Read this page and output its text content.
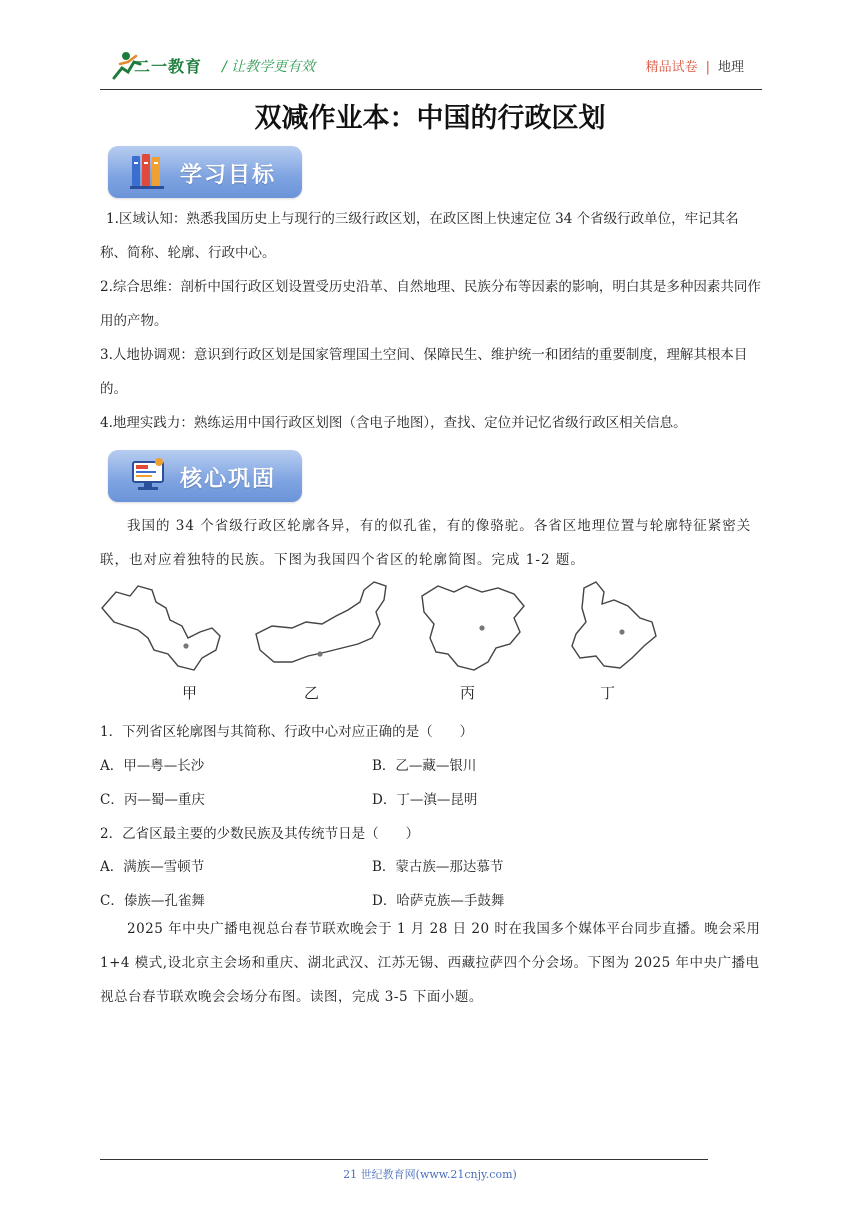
二一教育 / 让教学更有效	精品试卷 | 地理
双减作业本：中国的行政区划
学习目标
1.区域认知：熟悉我国历史上与现行的三级行政区划，在政区图上快速定位 34 个省级行政单位，牢记其名称、简称、轮廓、行政中心。
2.综合思维：剖析中国行政区划设置受历史沿革、自然地理、民族分布等因素的影响，明白其是多种因素共同作用的产物。
3.人地协调观：意识到行政区划是国家管理国土空间、保障民生、维护统一和团结的重要制度，理解其根本目的。
4.地理实践力：熟练运用中国行政区划图（含电子地图），查找、定位并记忆省级行政区相关信息。
核心巩固
我国的 34 个省级行政区轮廓各异，有的似孔雀，有的像骆驼。各省区地理位置与轮廓特征紧密关联，也对应着独特的民族。下图为我国四个省区的轮廓简图。完成 1-2 题。
甲	乙	丙	丁
1．下列省区轮廓图与其简称、行政中心对应正确的是（　　）
A．甲—粤—长沙	B．乙—藏—银川
C．丙—蜀—重庆	D．丁—滇—昆明
2．乙省区最主要的少数民族及其传统节日是（　　）
A．满族—雪顿节	B．蒙古族—那达慕节
C．傣族—孔雀舞	D．哈萨克族—手鼓舞
2025 年中央广播电视总台春节联欢晚会于 1 月 28 日 20 时在我国多个媒体平台同步直播。晚会采用 1+4 模式,设北京主会场和重庆、湖北武汉、江苏无锡、西藏拉萨四个分会场。下图为 2025 年中央广播电视总台春节联欢晚会会场分布图。读图，完成 3-5 下面小题。
21 世纪教育网(www.21cnjy.com)
